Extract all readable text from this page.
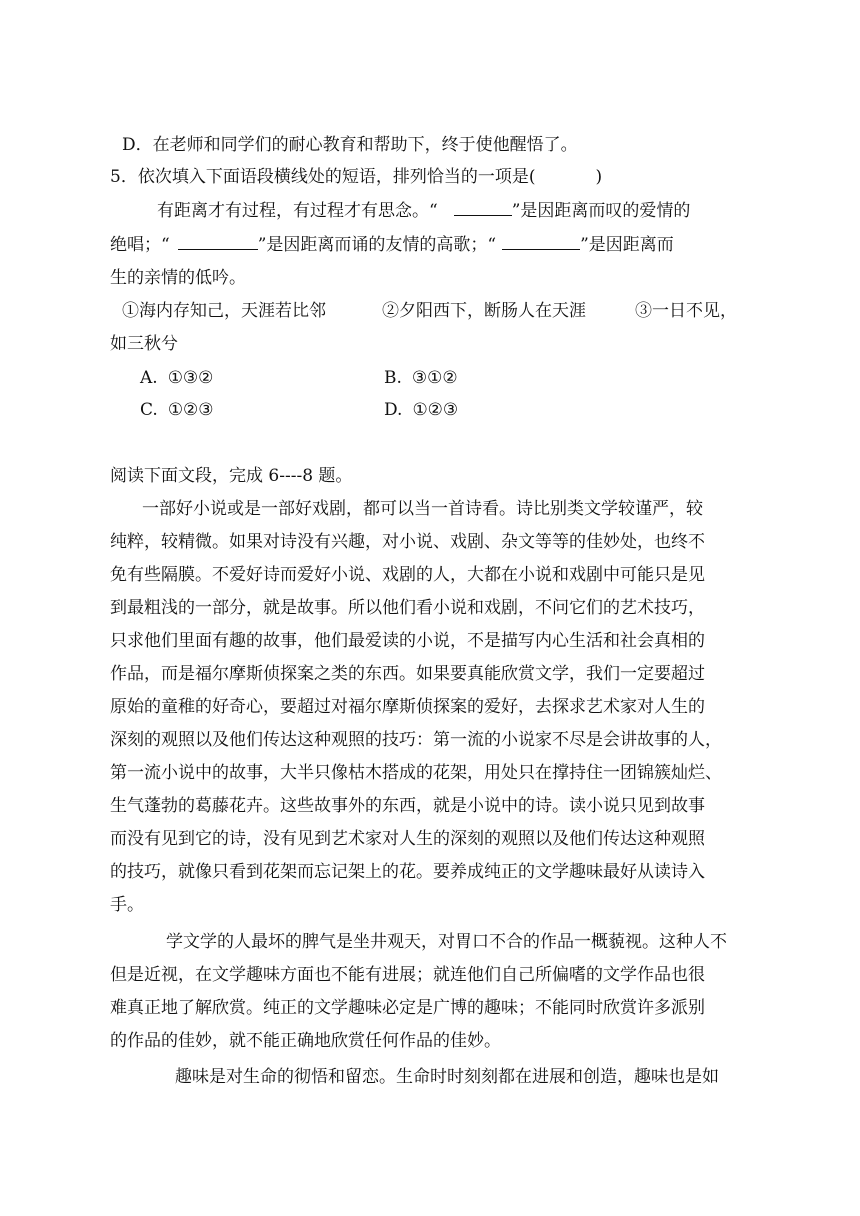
D．在老师和同学们的耐心教育和帮助下，终于使他醒悟了。
5．依次填入下面语段横线处的短语，排列恰当的一项是(	)
有距离才有过程，有过程才有思念。“	”是因距离而叹的爱情的
绝唱；“	”是因距离而诵的友情的高歌；“	”是因距离而
生的亲情的低吟。
①海内存知己，天涯若比邻	②夕阳西下，断肠人在天涯	③一日不见，
如三秋兮
A. ①③②	B. ③①②
C. ①②③	D. ①②③
阅读下面文段，完成 6----8 题。
一部好小说或是一部好戏剧，都可以当一首诗看。诗比别类文学较谨严，较
纯粹，较精微。如果对诗没有兴趣，对小说、戏剧、杂文等等的佳妙处，也终不
免有些隔膜。不爱好诗而爱好小说、戏剧的人，大都在小说和戏剧中可能只是见
到最粗浅的一部分，就是故事。所以他们看小说和戏剧，不问它们的艺术技巧，
只求他们里面有趣的故事，他们最爱读的小说，不是描写内心生活和社会真相的
作品，而是福尔摩斯侦探案之类的东西。如果要真能欣赏文学，我们一定要超过
原始的童稚的好奇心，要超过对福尔摩斯侦探案的爱好，去探求艺术家对人生的
深刻的观照以及他们传达这种观照的技巧：第一流的小说家不尽是会讲故事的人，
第一流小说中的故事，大半只像枯木搭成的花架，用处只在撑持住一团锦簇灿烂、
生气蓬勃的葛藤花卉。这些故事外的东西，就是小说中的诗。读小说只见到故事
而没有见到它的诗，没有见到艺术家对人生的深刻的观照以及他们传达这种观照
的技巧，就像只看到花架而忘记架上的花。要养成纯正的文学趣味最好从读诗入
手。
学文学的人最坏的脾气是坐井观天，对胃口不合的作品一概藐视。这种人不
但是近视，在文学趣味方面也不能有进展；就连他们自己所偏嗜的文学作品也很
难真正地了解欣赏。纯正的文学趣味必定是广博的趣味；不能同时欣赏许多派别
的作品的佳妙，就不能正确地欣赏任何作品的佳妙。
趣味是对生命的彻悟和留恋。生命时时刻刻都在进展和创造，趣味也是如
